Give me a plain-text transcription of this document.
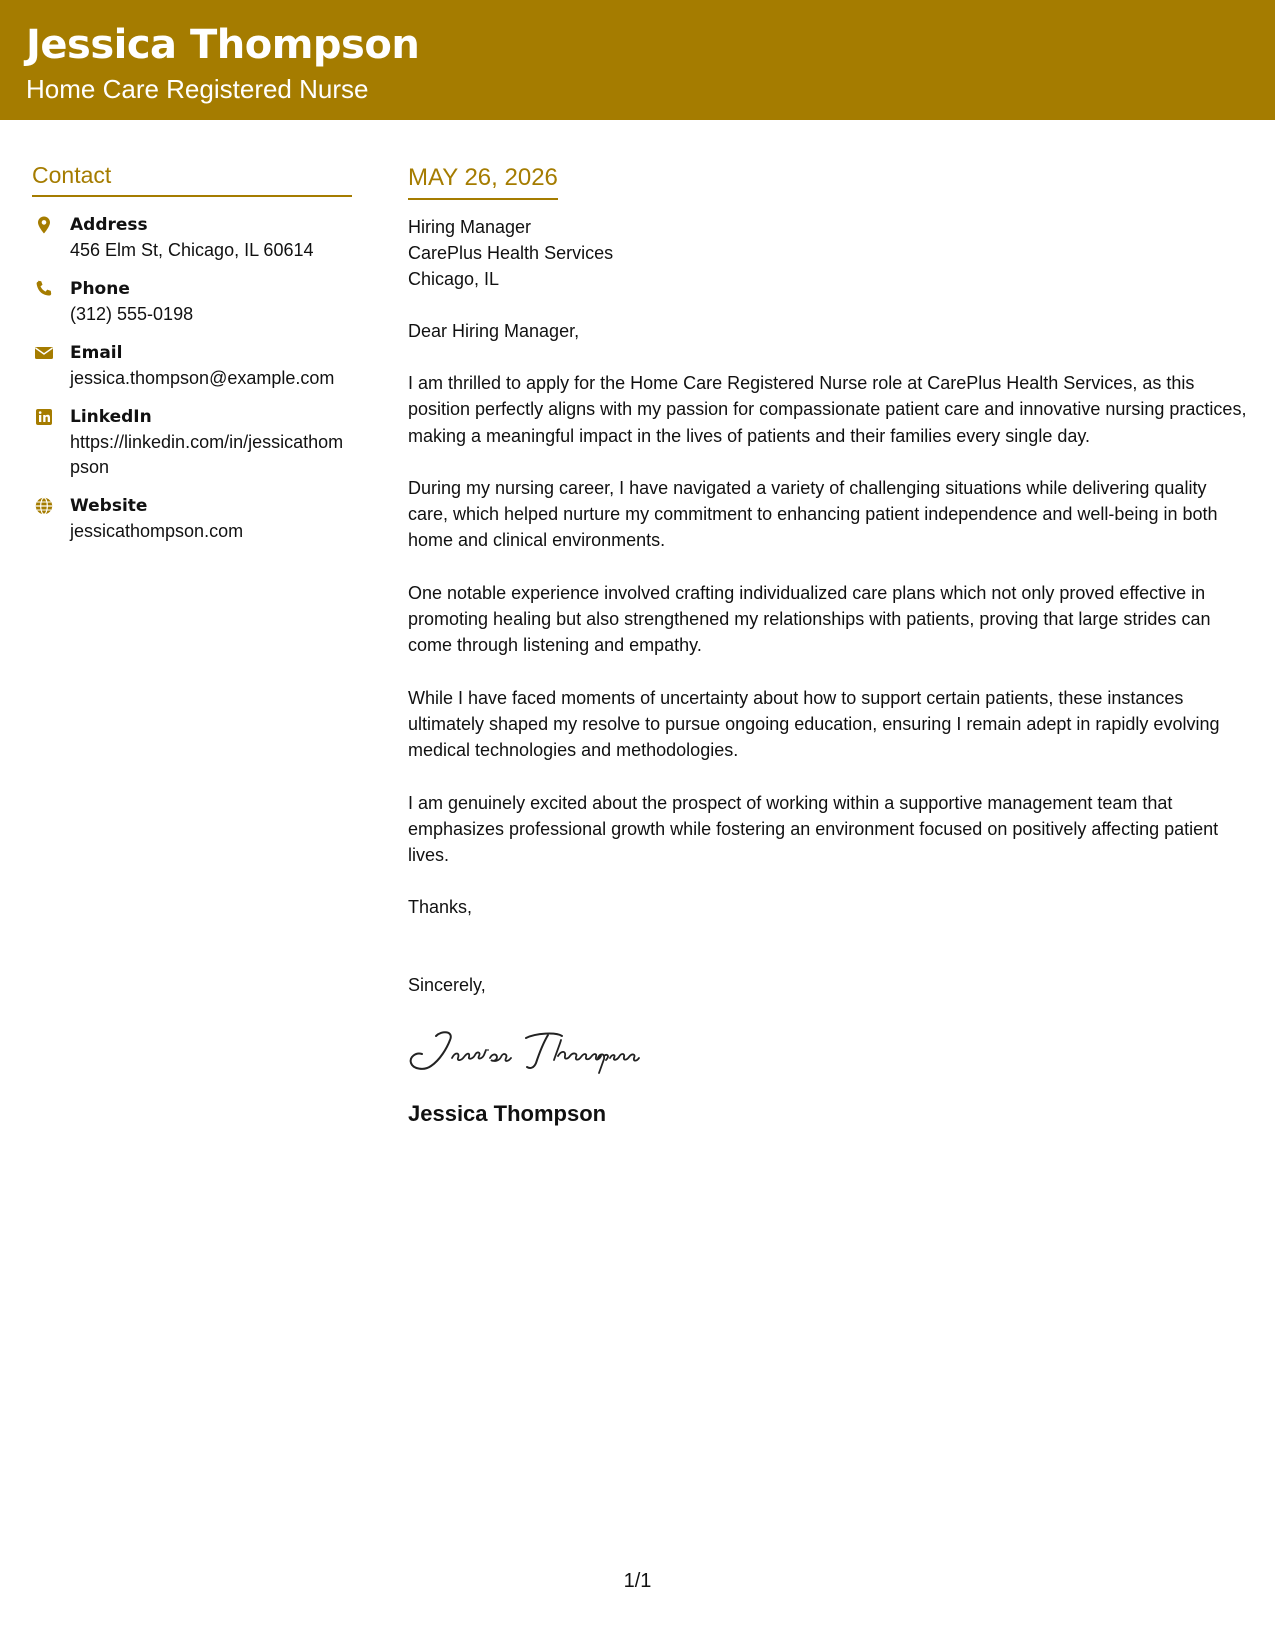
Jessica Thompson
Home Care Registered Nurse
Contact
Address
456 Elm St, Chicago, IL 60614
Phone
(312) 555-0198
Email
jessica.thompson@example.com
LinkedIn
https://linkedin.com/in/jessicathompson
Website
jessicathompson.com
MAY 26, 2026
Hiring Manager
CarePlus Health Services
Chicago, IL
Dear Hiring Manager,

I am thrilled to apply for the Home Care Registered Nurse role at CarePlus Health Services, as this position perfectly aligns with my passion for compassionate patient care and innovative nursing practices, making a meaningful impact in the lives of patients and their families every single day.

During my nursing career, I have navigated a variety of challenging situations while delivering quality care, which helped nurture my commitment to enhancing patient independence and well-being in both home and clinical environments.

One notable experience involved crafting individualized care plans which not only proved effective in promoting healing but also strengthened my relationships with patients, proving that large strides can come through listening and empathy.

While I have faced moments of uncertainty about how to support certain patients, these instances ultimately shaped my resolve to pursue ongoing education, ensuring I remain adept in rapidly evolving medical technologies and methodologies.

I am genuinely excited about the prospect of working within a supportive management team that emphasizes professional growth while fostering an environment focused on positively affecting patient lives.

Thanks,
Sincerely,
Jessica Thompson
1/1
